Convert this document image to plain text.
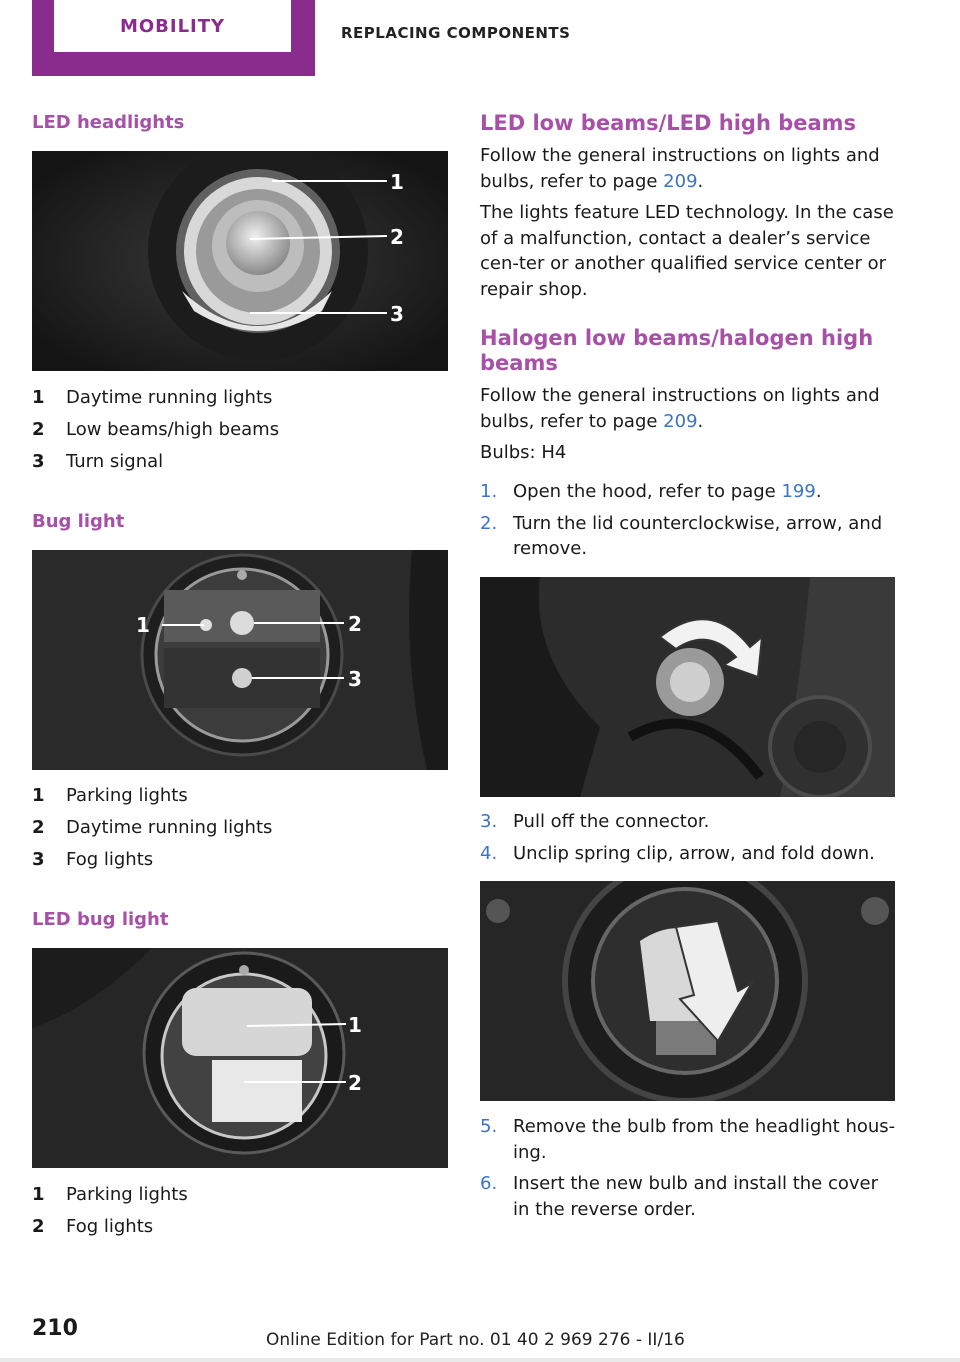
MOBILITY	REPLACING COMPONENTS
LED headlights
1
2
3
1	Daytime running lights
2	Low beams/high beams
3	Turn signal
Bug light
1	2
3
1	Parking lights
2	Daytime running lights
3	Fog lights
LED bug light
1
2
1	Parking lights
2	Fog lights
LED low beams/LED high beams

Follow the general instructions on lights and bulbs, refer to page 209.

The lights feature LED technology. In the case of a malfunction, contact a dealer’s service cen‐ter or another qualified service center or repair shop.

Halogen low beams/halogen high
beams

Follow the general instructions on lights and bulbs, refer to page 209.

Bulbs: H4

1. Open the hood, refer to page 199.
2. Turn the lid counterclockwise, arrow, and remove.
3. Pull off the connector.
4. Unclip spring clip, arrow, and fold down.
5. Remove the bulb from the headlight hous‐ing.
6. Insert the new bulb and install the cover in the reverse order.
210	Online Edition for Part no. 01 40 2 969 276 - II/16
